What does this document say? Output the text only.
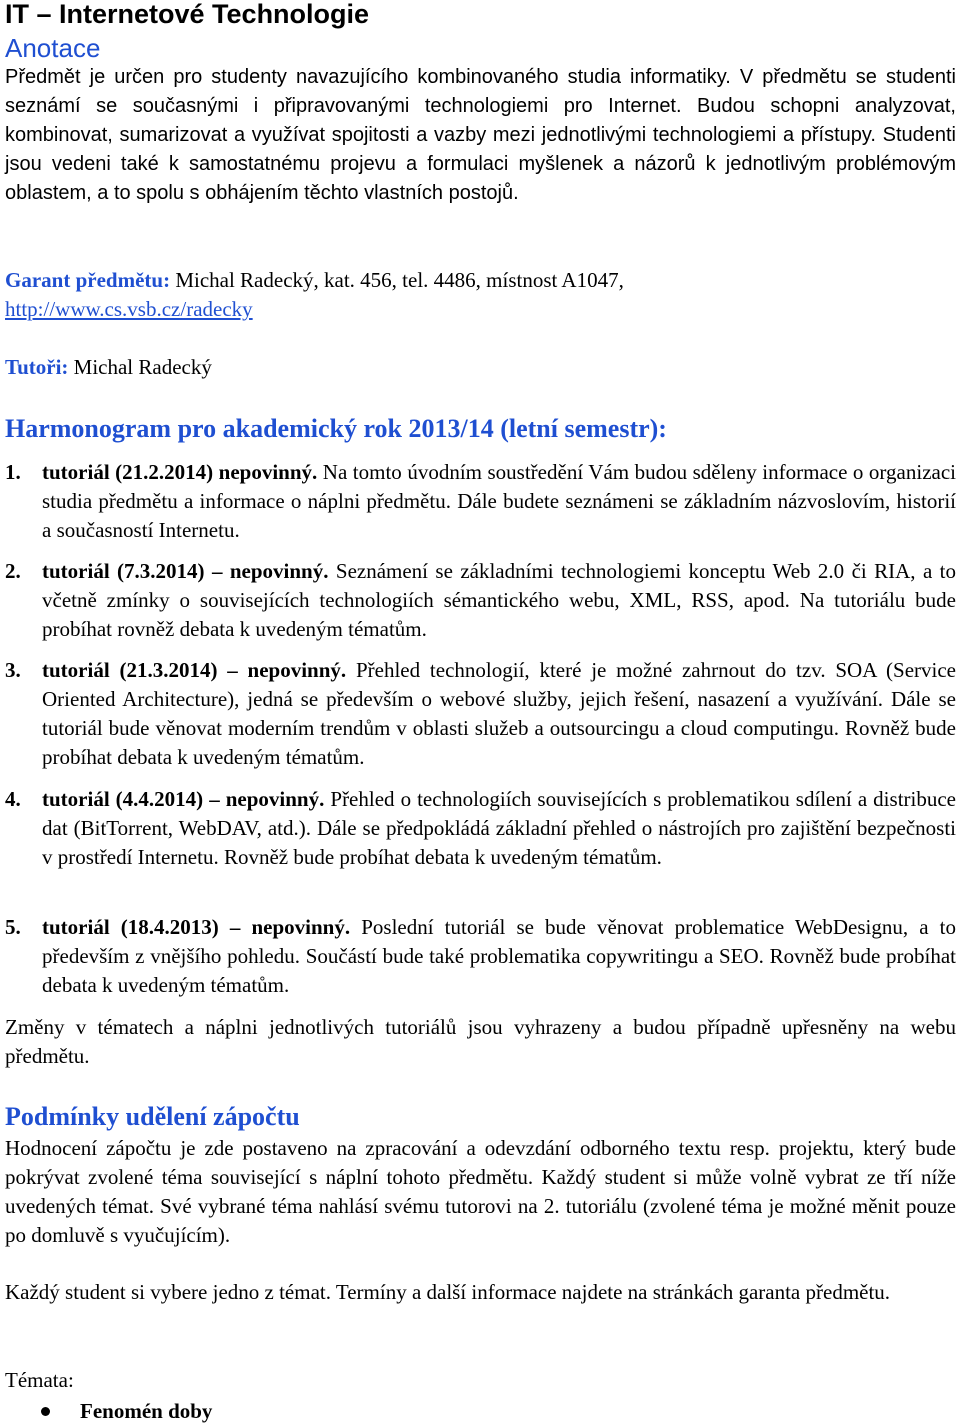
IT – Internetové Technologie
Anotace

Předmět je určen pro studenty navazujícího kombinovaného studia informatiky. V předmětu se studenti seznámí se současnými i připravovanými technologiemi pro Internet. Budou schopni analyzovat, kombinovat, sumarizovat a využívat spojitosti a vazby mezi jednotlivými technologiemi a přístupy. Studenti jsou vedeni také k samostatnému projevu a formulaci myšlenek a názorů k jednotlivým problémovým oblastem, a to spolu s obhájením těchto vlastních postojů.

Garant předmětu: Michal Radecký, kat. 456, tel. 4486, místnost A1047,
http://www.cs.vsb.cz/radecky

Tutoři: Michal Radecký

Harmonogram pro akademický rok 2013/14 (letní semestr):
1. tutoriál (21.2.2014) nepovinný. Na tomto úvodním soustředění Vám budou sděleny informace o organizaci studia předmětu a informace o náplni předmětu. Dále budete seznámeni se základním názvoslovím, historií a současností Internetu.
2. tutoriál (7.3.2014) – nepovinný. Seznámení se základními technologiemi konceptu Web 2.0 či RIA, a to včetně zmínky o souvisejících technologiích sémantického webu, XML, RSS, apod. Na tutoriálu bude probíhat rovněž debata k uvedeným tématům.
3. tutoriál (21.3.2014) – nepovinný. Přehled technologií, které je možné zahrnout do tzv. SOA (Service Oriented Architecture), jedná se především o webové služby, jejich řešení, nasazení a využívání. Dále se tutoriál bude věnovat moderním trendům v oblasti služeb a outsourcingu a cloud computingu. Rovněž bude probíhat debata k uvedeným tématům.
4. tutoriál (4.4.2014) – nepovinný. Přehled o technologiích souvisejících s problematikou sdílení a distribuce dat (BitTorrent, WebDAV, atd.). Dále se předpokládá základní přehled o nástrojích pro zajištění bezpečnosti v prostředí Internetu. Rovněž bude probíhat debata k uvedeným tématům.
5. tutoriál (18.4.2013) – nepovinný. Poslední tutoriál se bude věnovat problematice WebDesignu, a to především z vnějšího pohledu. Součástí bude také problematika copywritingu a SEO. Rovněž bude probíhat debata k uvedeným tématům.

Změny v tématech a náplni jednotlivých tutoriálů jsou vyhrazeny a budou případně upřesněny na webu předmětu.

Podmínky udělení zápočtu

Hodnocení zápočtu je zde postaveno na zpracování a odevzdání odborného textu resp. projektu, který bude pokrývat zvolené téma související s náplní tohoto předmětu. Každý student si může volně vybrat ze tří níže uvedených témat. Své vybrané téma nahlásí svému tutorovi na 2. tutoriálu (zvolené téma je možné měnit pouze po domluvě s vyučujícím).

Každý student si vybere jedno z témat. Termíny a další informace najdete na stránkách garanta předmětu.

Témata:

Fenomén doby
